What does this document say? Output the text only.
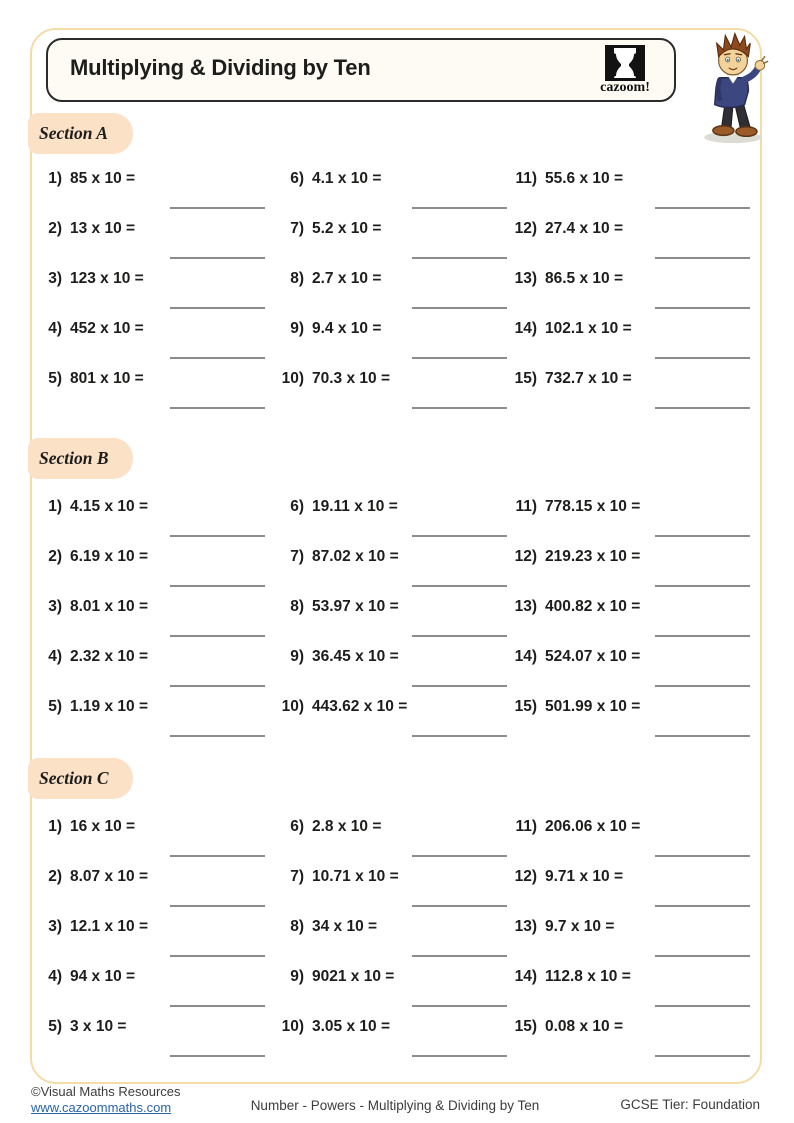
Multiplying & Dividing by Ten
cazoom!
Section A
Section B
Section C
1) 85 x 10 =
2) 13 x 10 =
3) 123 x 10 =
4) 452 x 10 =
5) 801 x 10 =
6) 4.1 x 10 =
7) 5.2 x 10 =
8) 2.7 x 10 =
9) 9.4 x 10 =
10) 70.3 x 10 =
11) 55.6 x 10 =
12) 27.4 x 10 =
13) 86.5 x 10 =
14) 102.1 x 10 =
15) 732.7 x 10 =
1) 4.15 x 10 =
2) 6.19 x 10 =
3) 8.01 x 10 =
4) 2.32 x 10 =
5) 1.19 x 10 =
6) 19.11 x 10 =
7) 87.02 x 10 =
8) 53.97 x 10 =
9) 36.45 x 10 =
10) 443.62 x 10 =
11) 778.15 x 10 =
12) 219.23 x 10 =
13) 400.82 x 10 =
14) 524.07 x 10 =
15) 501.99 x 10 =
1) 16 x 10 =
2) 8.07 x 10 =
3) 12.1 x 10 =
4) 94 x 10 =
5) 3 x 10 =
6) 2.8 x 10 =
7) 10.71 x 10 =
8) 34 x 10 =
9) 9021 x 10 =
10) 3.05 x 10 =
11) 206.06 x 10 =
12) 9.71 x 10 =
13) 9.7 x 10 =
14) 112.8 x 10 =
15) 0.08 x 10 =
©Visual Maths Resources
www.cazoommaths.com	Number - Powers - Multiplying & Dividing by Ten	GCSE Tier: Foundation
